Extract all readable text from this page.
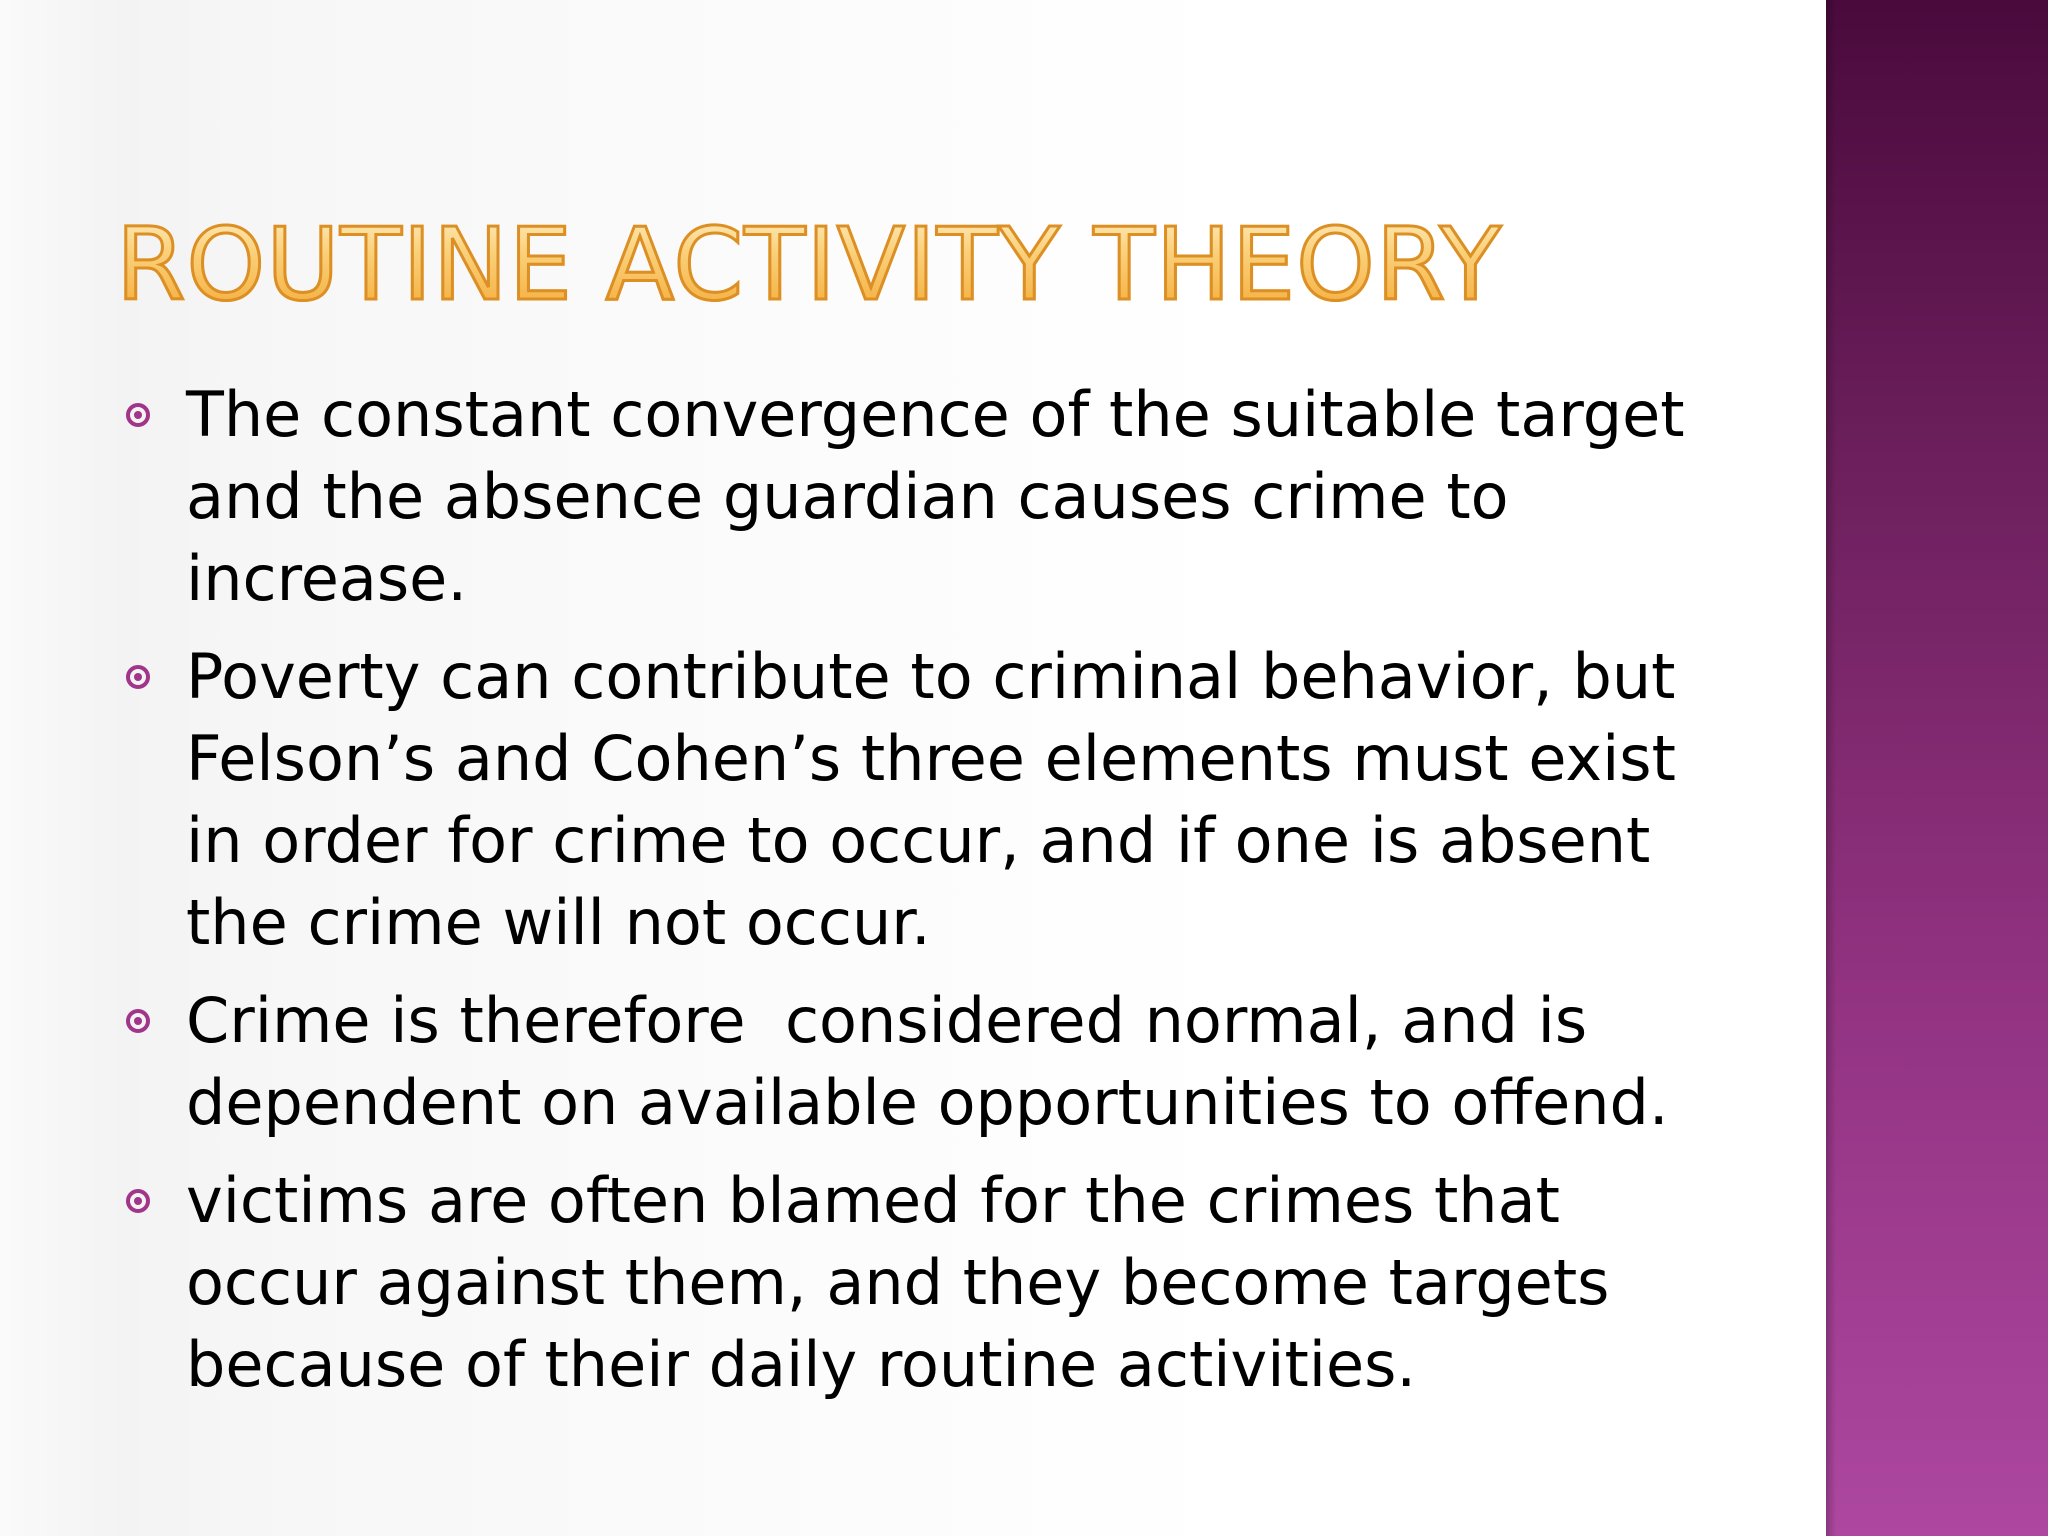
ROUTINE ACTIVITY THEORY
The constant convergence of the suitable target
and the absence guardian causes crime to
increase.
Poverty can contribute to criminal behavior, but
Felson’s and Cohen’s three elements must exist
in order for crime to occur, and if one is absent
the crime will not occur.
Crime is therefore  considered normal, and is
dependent on available opportunities to offend.
victims are often blamed for the crimes that
occur against them, and they become targets
because of their daily routine activities.
